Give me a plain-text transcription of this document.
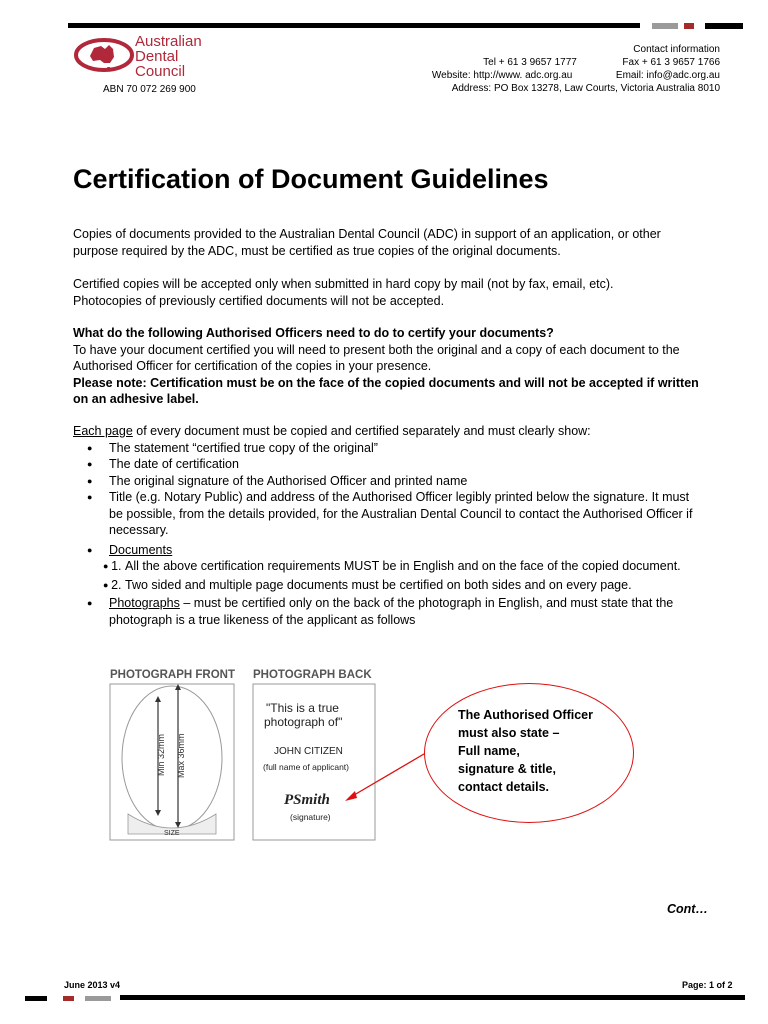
Australian
Dental
Council
ABN 70 072 269 900
Contact information
Tel + 61 3 9657 1777	Fax + 61 3 9657 1766
Website: http://www. adc.org.au	Email: info@adc.org.au
Address: PO Box 13278, Law Courts, Victoria Australia 8010
Certification of Document Guidelines
Copies of documents provided to the Australian Dental Council (ADC) in support of an application, or other purpose required by the ADC, must be certified as true copies of the original documents.
Certified copies will be accepted only when submitted in hard copy by mail (not by fax, email, etc).
Photocopies of previously certified documents will not be accepted.
What do the following Authorised Officers need to do to certify your documents?
To have your document certified you will need to present both the original and a copy of each document to the Authorised Officer for certification of the copies in your presence.
Please note: Certification must be on the face of the copied documents and will not be accepted if written on an adhesive label.
Each page of every document must be copied and certified separately and must clearly show:
● The statement “certified true copy of the original”
● The date of certification
● The original signature of the Authorised Officer and printed name
● Title (e.g. Notary Public) and address of the Authorised Officer legibly printed below the signature. It must be possible, from the details provided, for the Australian Dental Council to contact the Authorised Officer if necessary.
● Documents
● 1. All the above certification requirements MUST be in English and on the face of the copied document.
● 2. Two sided and multiple page documents must be certified on both sides and on every page.
● Photographs – must be certified only on the back of the photograph in English, and must state that the photograph is a true likeness of the applicant as follows
PHOTOGRAPH FRONT PHOTOGRAPH BACK
Min 32mm Max 36mm
SIZE
"This is a true
photograph of"
JOHN CITIZEN
(full name of applicant)
PSmith
(signature)
The Authorised Officer
must also state –
Full name,
signature & title,
contact details.
Cont…
June 2013 v4	Page: 1 of 2
